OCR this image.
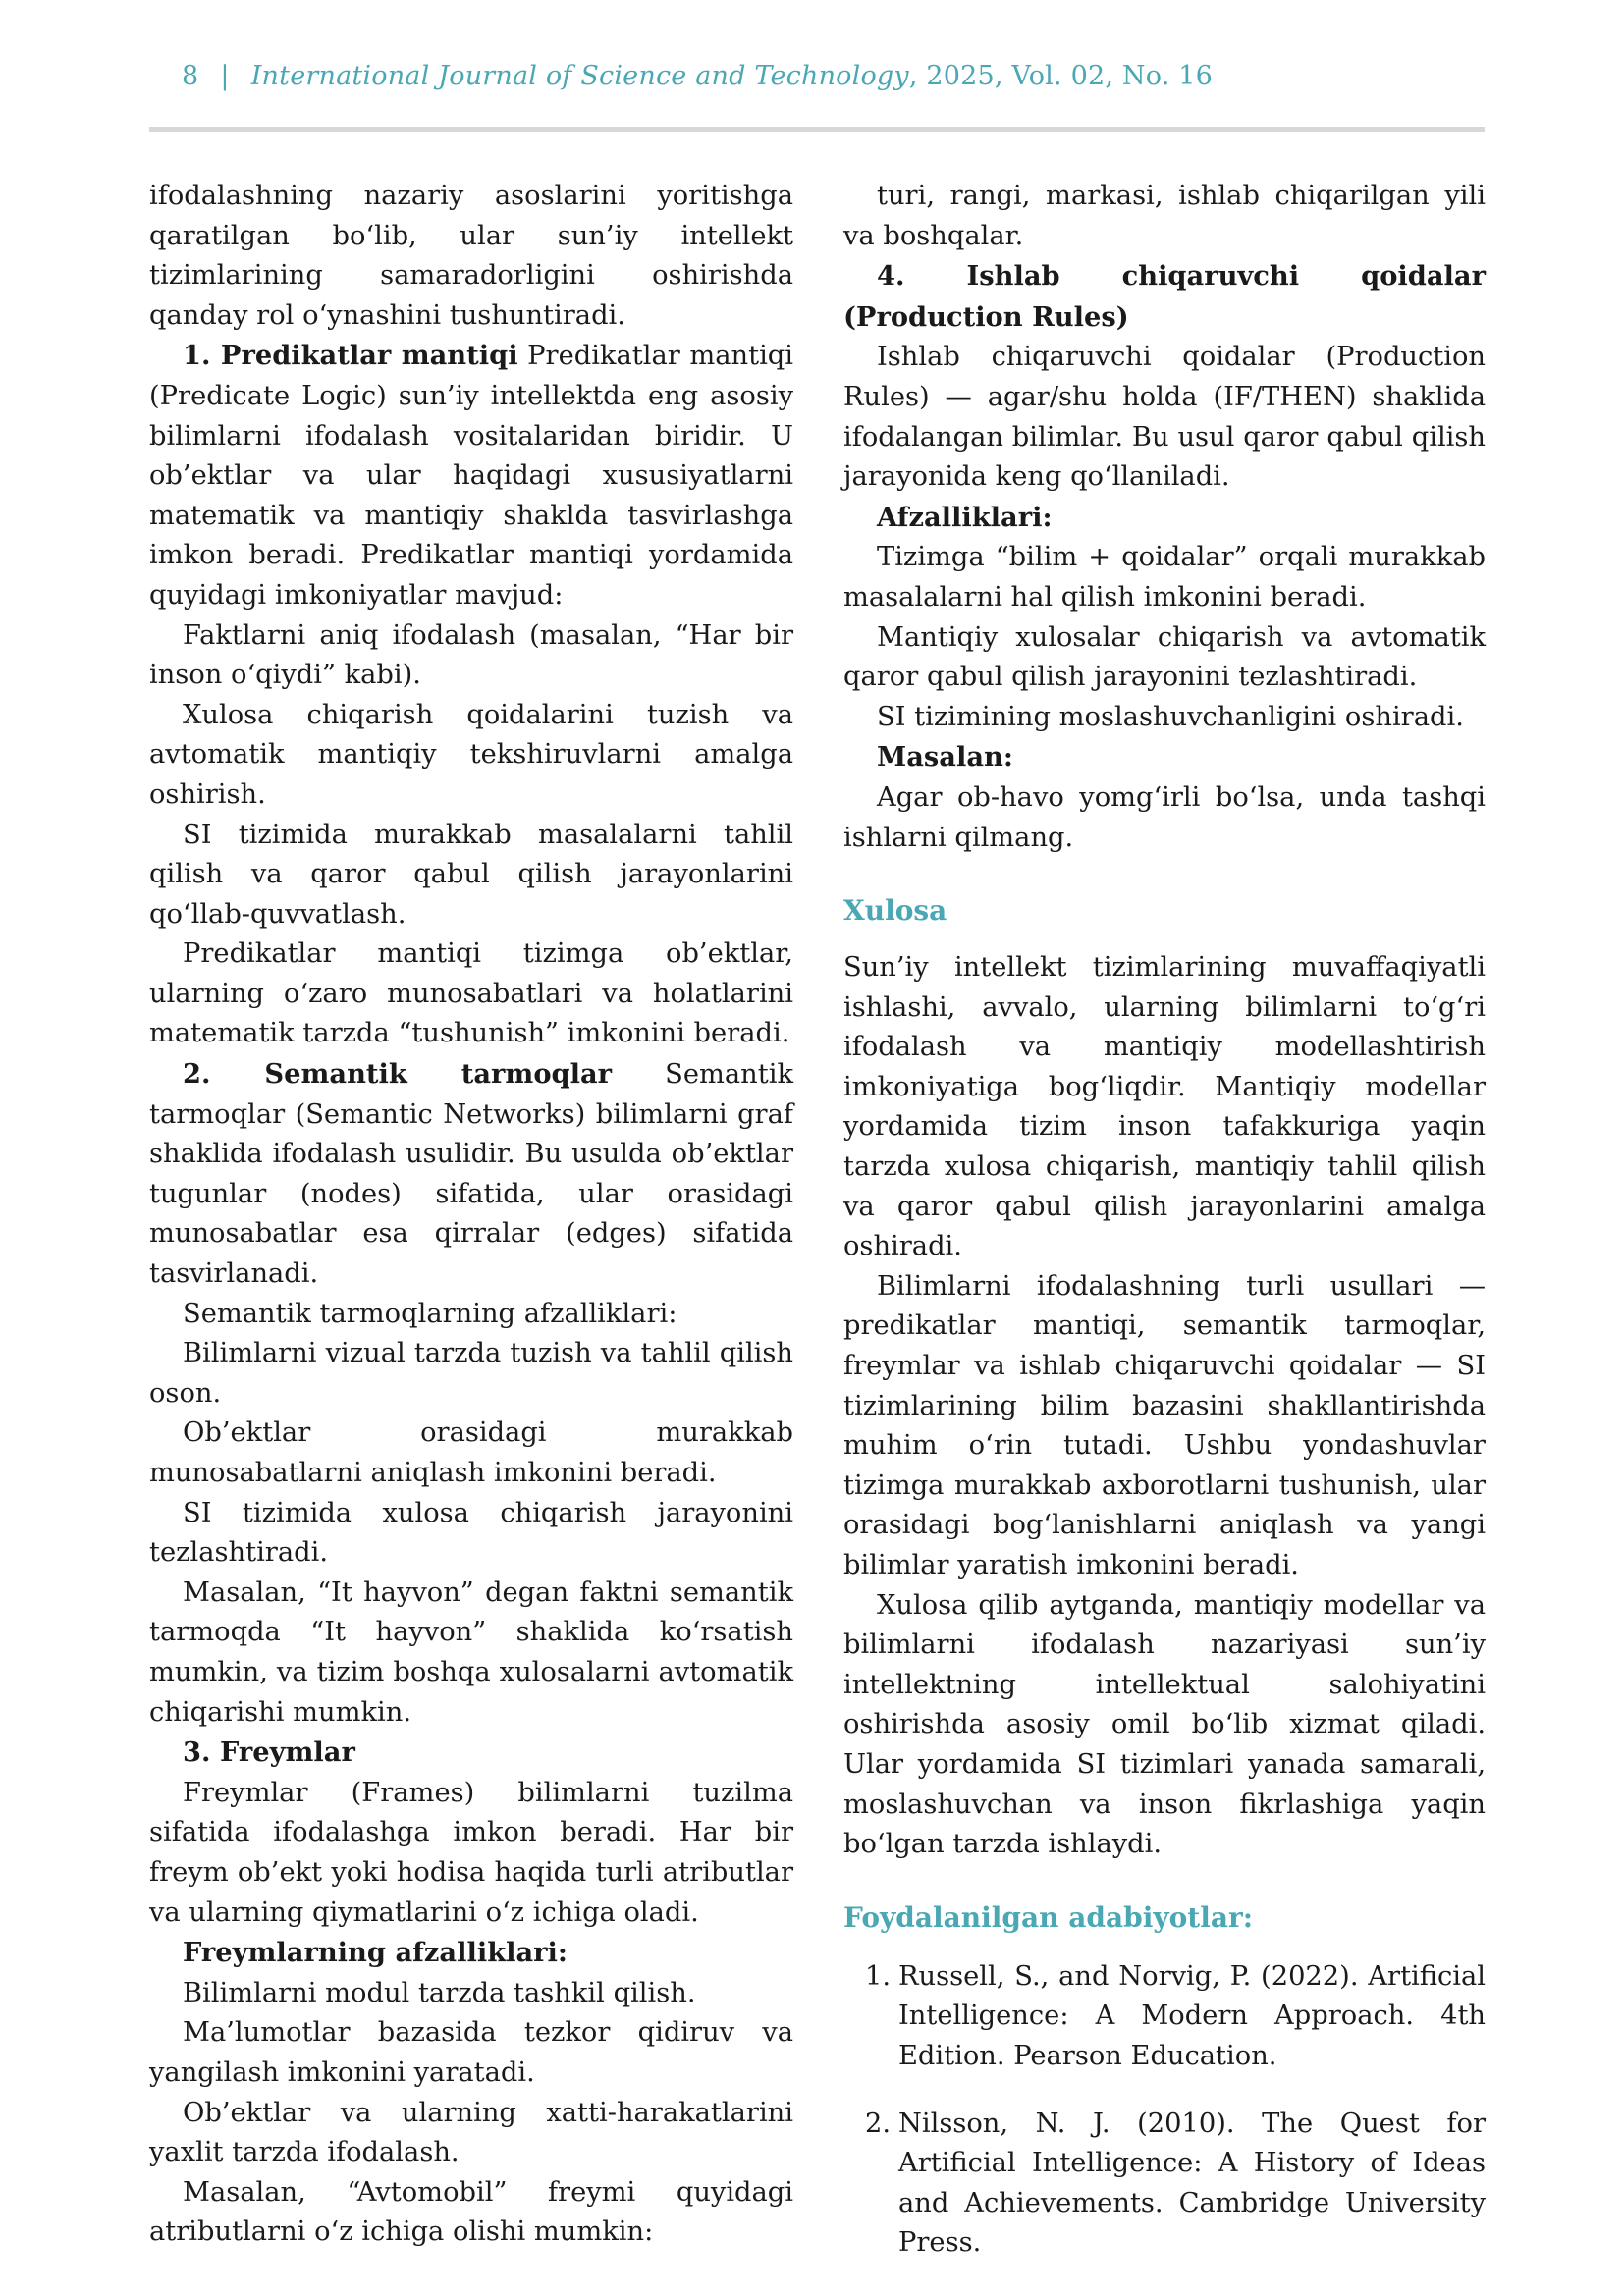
8 | International Journal of Science and Technology, 2025, Vol. 02, No. 16

ifodalashning nazariy asoslarini yoritishga qaratilgan bo‘lib, ular sun’iy intellekt tizimlarining samaradorligini oshirishda qanday rol o‘ynashini tushuntiradi.

1. Predikatlar mantiqi Predikatlar mantiqi (Predicate Logic) sun’iy intellektda eng asosiy bilimlarni ifodalash vositalaridan biridir. U ob’ektlar va ular haqidagi xususiyatlarni matematik va mantiqiy shaklda tasvirlashga imkon beradi. Predikatlar mantiqi yordamida quyidagi imkoniyatlar mavjud:

Faktlarni aniq ifodalash (masalan, “Har bir inson o‘qiydi” kabi).

Xulosa chiqarish qoidalarini tuzish va avtomatik mantiqiy tekshiruvlarni amalga oshirish.

SI tizimida murakkab masalalarni tahlil qilish va qaror qabul qilish jarayonlarini qo‘llab-quvvatlash.

Predikatlar mantiqi tizimga ob’ektlar, ularning o‘zaro munosabatlari va holatlarini matematik tarzda “tushunish” imkonini beradi.

2. Semantik tarmoqlar Semantik tarmoqlar (Semantic Networks) bilimlarni graf shaklida ifodalash usulidir. Bu usulda ob’ektlar tugunlar (nodes) sifatida, ular orasidagi munosabatlar esa qirralar (edges) sifatida tasvirlanadi.

Semantik tarmoqlarning afzalliklari:

Bilimlarni vizual tarzda tuzish va tahlil qilish oson.

Ob’ektlar orasidagi murakkab munosabatlarni aniqlash imkonini beradi.

SI tizimida xulosa chiqarish jarayonini tezlashtiradi.

Masalan, “It hayvon” degan faktni semantik tarmoqda “It hayvon” shaklida ko‘rsatish mumkin, va tizim boshqa xulosalarni avtomatik chiqarishi mumkin.

3. Freymlar

Freymlar (Frames) bilimlarni tuzilma sifatida ifodalashga imkon beradi. Har bir freym ob’ekt yoki hodisa haqida turli atributlar va ularning qiymatlarini o‘z ichiga oladi.

Freymlarning afzalliklari:

Bilimlarni modul tarzda tashkil qilish.

Ma’lumotlar bazasida tezkor qidiruv va yangilash imkonini yaratadi.

Ob’ektlar va ularning xatti-harakatlarini yaxlit tarzda ifodalash.

Masalan, “Avtomobil” freymi quyidagi atributlarni o‘z ichiga olishi mumkin:

turi, rangi, markasi, ishlab chiqarilgan yili va boshqalar.

4. Ishlab chiqaruvchi qoidalar (Production Rules)

Ishlab chiqaruvchi qoidalar (Production Rules) — agar/shu holda (IF/THEN) shaklida ifodalangan bilimlar. Bu usul qaror qabul qilish jarayonida keng qo‘llaniladi.

Afzalliklari:

Tizimga “bilim + qoidalar” orqali murakkab masalalarni hal qilish imkonini beradi.

Mantiqiy xulosalar chiqarish va avtomatik qaror qabul qilish jarayonini tezlashtiradi.

SI tizimining moslashuvchanligini oshiradi.

Masalan:

Agar ob-havo yomg‘irli bo‘lsa, unda tashqi ishlarni qilmang.

Xulosa

Sun’iy intellekt tizimlarining muvaffaqiyatli ishlashi, avvalo, ularning bilimlarni to‘g‘ri ifodalash va mantiqiy modellashtirish imkoniyatiga bog‘liqdir. Mantiqiy modellar yordamida tizim inson tafakkuriga yaqin tarzda xulosa chiqarish, mantiqiy tahlil qilish va qaror qabul qilish jarayonlarini amalga oshiradi.

Bilimlarni ifodalashning turli usullari — predikatlar mantiqi, semantik tarmoqlar, freymlar va ishlab chiqaruvchi qoidalar — SI tizimlarining bilim bazasini shakllantirishda muhim o‘rin tutadi. Ushbu yondashuvlar tizimga murakkab axborotlarni tushunish, ular orasidagi bog‘lanishlarni aniqlash va yangi bilimlar yaratish imkonini beradi.

Xulosa qilib aytganda, mantiqiy modellar va bilimlarni ifodalash nazariyasi sun’iy intellektning intellektual salohiyatini oshirishda asosiy omil bo‘lib xizmat qiladi. Ular yordamida SI tizimlari yanada samarali, moslashuvchan va inson fikrlashiga yaqin bo‘lgan tarzda ishlaydi.

Foydalanilgan adabiyotlar:
1. Russell, S., and Norvig, P. (2022). Artificial Intelligence: A Modern Approach. 4th Edition. Pearson Education.
2. Nilsson, N. J. (2010). The Quest for Artificial Intelligence: A History of Ideas and Achievements. Cambridge University Press.
